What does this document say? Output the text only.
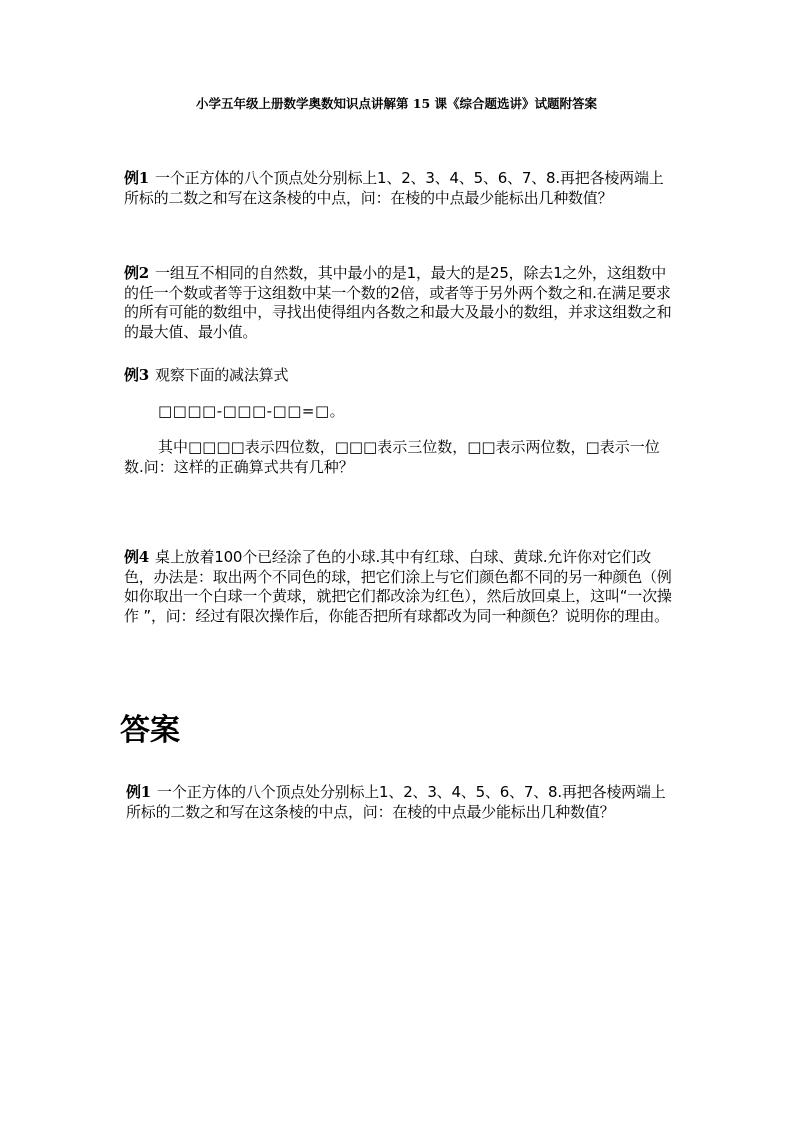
小学五年级上册数学奥数知识点讲解第 15 课《综合题选讲》试题附答案
例1 一个正方体的八个顶点处分别标上1、2、3、4、5、6、7、8.再把各棱两端上所标的二数之和写在这条棱的中点，问：在棱的中点最少能标出几种数值？
例2 一组互不相同的自然数，其中最小的是1，最大的是25，除去1之外，这组数中的任一个数或者等于这组数中某一个数的2倍，或者等于另外两个数之和.在满足要求的所有可能的数组中，寻找出使得组内各数之和最大及最小的数组，并求这组数之和的最大值、最小值。
例3 观察下面的减法算式
□□□□-□□□-□□=□。
其中□□□□表示四位数，□□□表示三位数，□□表示两位数，□表示一位数.问：这样的正确算式共有几种？
例4 桌上放着100个已经涂了色的小球.其中有红球、白球、黄球.允许你对它们改色，办法是：取出两个不同色的球，把它们涂上与它们颜色都不同的另一种颜色（例如你取出一个白球一个黄球，就把它们都改涂为红色），然后放回桌上，这叫“一次操作 ”，问：经过有限次操作后，你能否把所有球都改为同一种颜色？说明你的理由。
答案
例1 一个正方体的八个顶点处分别标上1、2、3、4、5、6、7、8.再把各棱两端上所标的二数之和写在这条棱的中点，问：在棱的中点最少能标出几种数值？
